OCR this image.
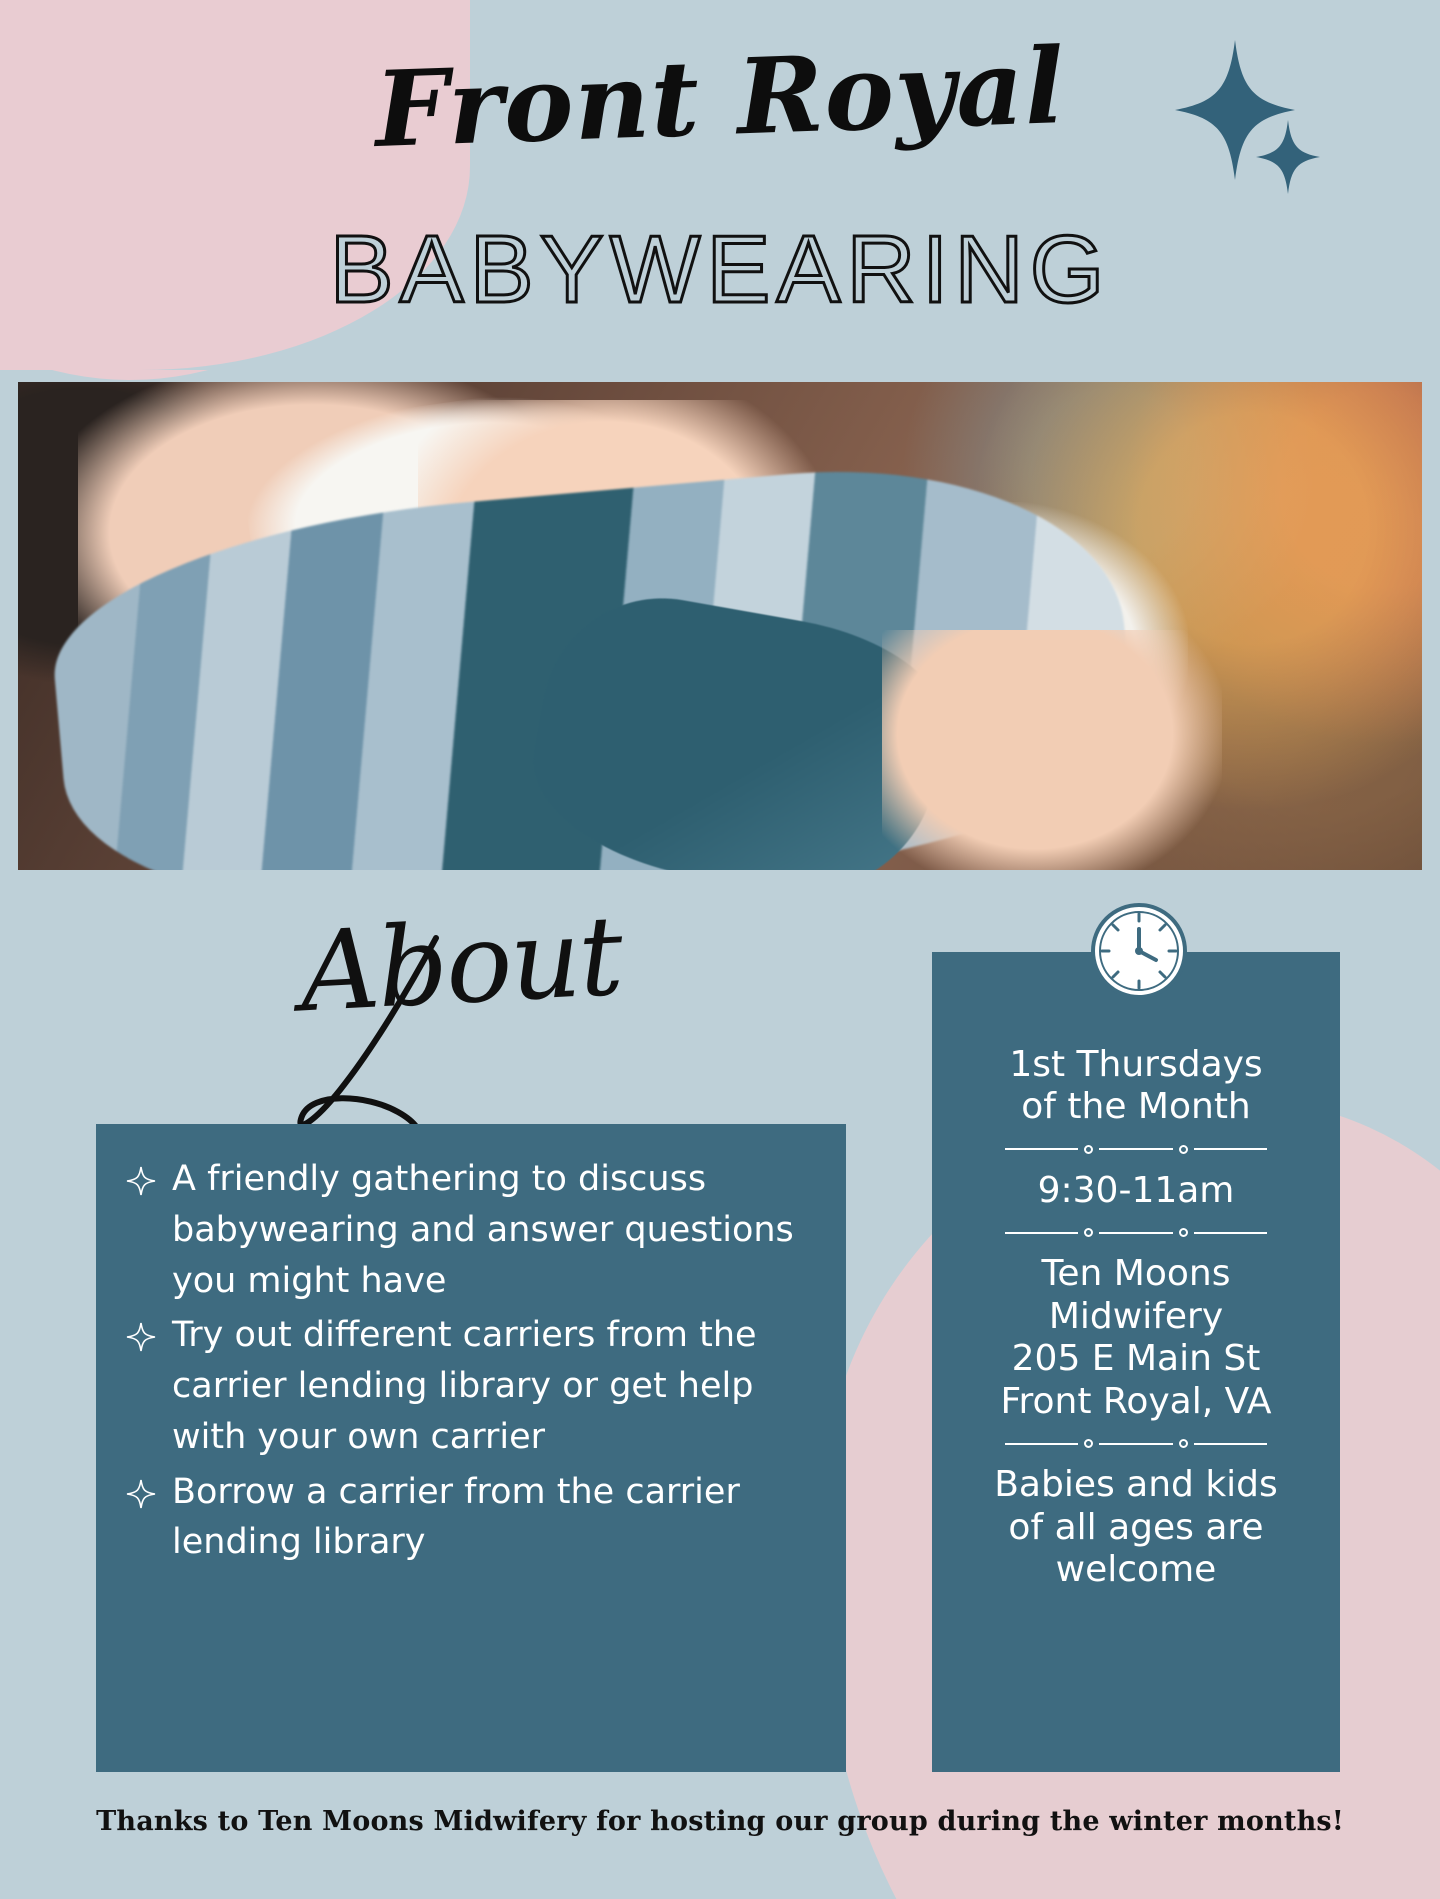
Front Royal
BABYWEARING
About
A friendly gathering to discuss babywearing and answer questions you might have
Try out different carriers from the carrier lending library or get help with your own carrier
Borrow a carrier from the carrier lending library
1st Thursdays
of the Month
9:30-11am
Ten Moons
Midwifery
205 E Main St
Front Royal, VA
Babies and kids
of all ages are
welcome
Thanks to Ten Moons Midwifery for hosting our group during the winter months!
